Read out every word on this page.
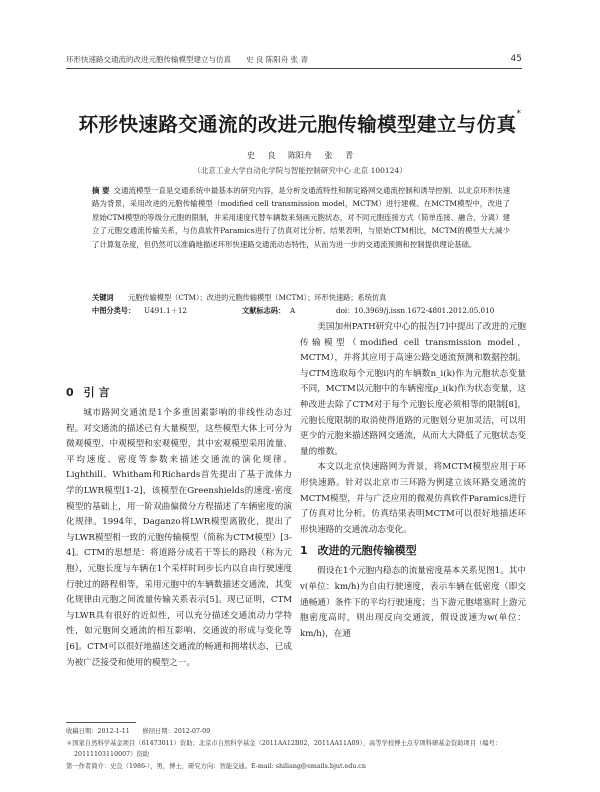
环形快速路交通流的改进元胞传输模型建立与仿真　　 史 良 陈阳舟 张 青	45
环形快速路交通流的改进元胞传输模型建立与仿真*
史 良 陈阳舟 张 青
（北京工业大学自动化学院与智能控制研究中心 北京 100124）
摘 要 交通流模型一直是交通系统中最基本的研究内容，是分析交通流特性和制定路网交通流控制和诱导控制、以北京环形快速路为背景，采用改进的元胞传输模型（modified cell transmission model，MCTM）进行建模。在MCTM模型中，改进了原始CTM模型的等级分元胞的限制，并采用速度代替车辆数来刻画元胞状态，对不同元胞连接方式（简单连接、融合、分离）建立了元胞交通流传输关系，与仿真软件Paramics进行了仿真对比分析。结果表明，与原始CTM相比，MCTM的模型大大减少了计算复杂度，但仍然可以准确地描述环形快速路交通流动态特性，从而为进一步的交通流预测和控制提供理论基础。
关键词 元胞传输模型（CTM）；改进的元胞传输模型（MCTM）；环形快速路；系统仿真
中图分类号： U491.1＋12	文献标志码： A	doi： 10.3969/j.issn 1672-4801.2012.05.010
0 引 言

城市路网交通流是1个多重因素影响的非线性动态过程。对交通流的描述已有大量模型，这些模型大体上可分为微观模型、中观模型和宏观模型，其中宏观模型采用流量、平均速度、密度等参数来描述交通流的演化规律。Lighthill、Whitham和Richards首先提出了基于流体力学的LWR模型[1-2]，该模型在Greenshields的速度-密度模型的基础上，用一阶双曲偏微分方程描述了车辆密度的演化规律。1994年，Daganzo将LWR模型离散化，提出了与LWR模型相一致的元胞传输模型（简称为CTM模型）[3-4]。CTM的思想是：将道路分成若干等长的路段（称为元胞），元胞长度与车辆在1个采样时间步长内以自由行驶速度行驶过的路程相等，采用元胞中的车辆数描述交通流，其变化规律由元胞之间流量传输关系表示[5]。现已证明，CTM与LWR具有很好的近似性，可以充分描述交通流动力学特性，如元胞间交通流的相互影响、交通波的形成与变化等[6]。CTM可以很好地描述交通流的畅通和拥堵状态，已成为被广泛接受和使用的模型之一。

美国加州PATH研究中心的报告[7]中提出了改进的元胞传输模型（modified cell transmission model，MCTM），并将其应用于高速公路交通流预测和数据控制。与CTM选取每个元胞i内的车辆数n_i(k)作为元胞状态变量不同，MCTM以元胞中的车辆密度ρ_i(k)作为状态变量，这种改进去除了CTM对于每个元胞长度必须相等的限制[8]，元胞长度限制的取消使得道路的元胞划分更加灵活，可以用更少的元胞来描述路网交通流，从而大大降低了元胞状态变量的维数。

本文以北京快速路网为背景，将MCTM模型应用于环形快速路。针对以北京市三环路为例建立该环路交通流的MCTM模型，并与广泛应用的微观仿真软件Paramics进行了仿真对比分析。仿真结果表明MCTM可以很好地描述环形快速路的交通流动态变化。

1 改进的元胞传输模型

假设在1个元胞内稳态的流量密度基本关系见图1。其中v(单位：km/h)为自由行驶速度，表示车辆在低密度（即交通畅通）条件下的平均行驶速度；当下游元胞堵塞时上游元胞密度高时，则出现反向交通波，假设波速为w(单位：km/h)，在通

收稿日期：2012-1-11　　 修回日期：2012-07-09
＊国家自然科学基金项目（61473011）资助；北京市自然科学基金（2011AA12B02，2011AA11A09）、高等学校博士点专项科研基金资助项目（编号：
20111103110007）资助
第一作者简介：史良（1986-），男，博士，研究方向：智能交通。E-mail: shiliang@emails.bjut.edu.cn
